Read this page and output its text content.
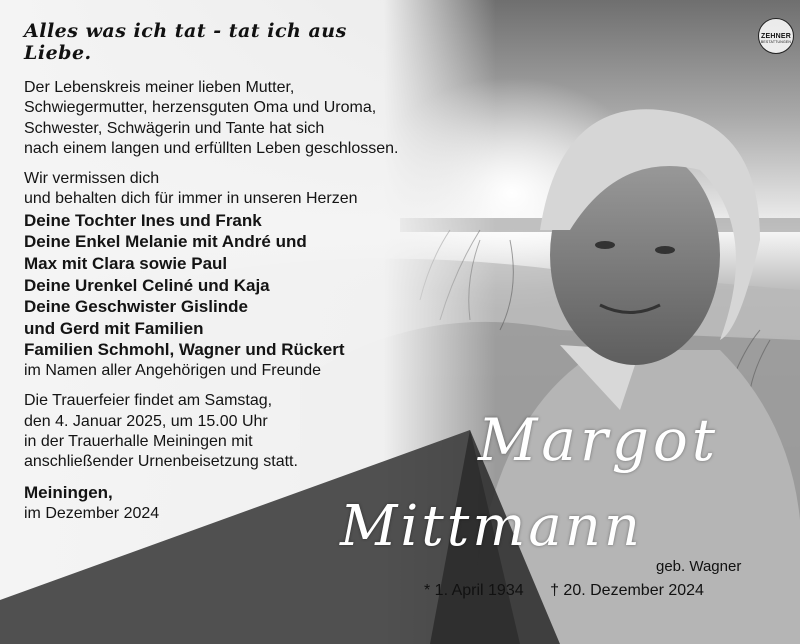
ZEHNER
BESTATTUNGEN

Alles was ich tat - tat ich aus Liebe.

Der Lebenskreis meiner lieben Mutter,
Schwiegermutter, herzensguten Oma und Uroma,
Schwester, Schwägerin und Tante hat sich
nach einem langen und erfüllten Leben geschlossen.

Wir vermissen dich
und behalten dich für immer in unseren Herzen

Deine Tochter Ines und Frank

Deine Enkel Melanie mit André und

Max mit Clara sowie Paul

Deine Urenkel Celiné und Kaja

Deine Geschwister Gislinde

und Gerd mit Familien

Familien Schmohl, Wagner und Rückert

im Namen aller Angehörigen und Freunde

Die Trauerfeier findet am Samstag,
den 4. Januar 2025, um 15.00 Uhr
in der Trauerhalle Meiningen mit
anschließender Urnenbeisetzung statt.

Meiningen,

im Dezember 2024

Margot
Mittmann
geb. Wagner
* 1. April 1934 † 20. Dezember 2024
